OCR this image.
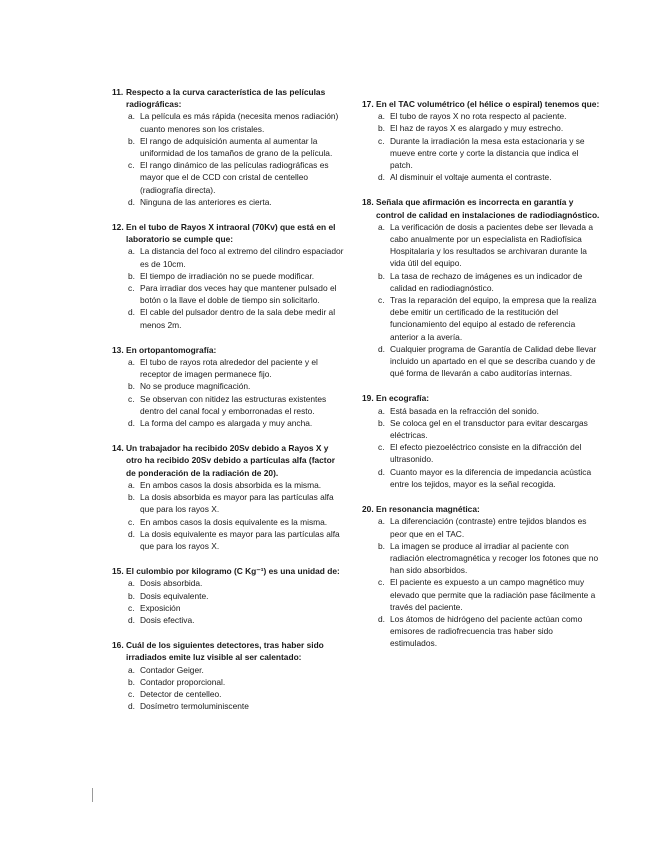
11. Respecto a la curva característica de las películas radiográficas:
a. La película es más rápida (necesita menos radiación) cuanto menores son los cristales.
b. El rango de adquisición aumenta al aumentar la uniformidad de los tamaños de grano de la película.
c. El rango dinámico de las películas radiográficas es mayor que el de CCD con cristal de centelleo (radiografía directa).
d. Ninguna de las anteriores es cierta.
12. En el tubo de Rayos X intraoral (70Kv) que está en el laboratorio se cumple que:
a. La distancia del foco al extremo del cilindro espaciador es de 10cm.
b. El tiempo de irradiación no se puede modificar.
c. Para irradiar dos veces hay que mantener pulsado el botón o la llave el doble de tiempo sin solicitarlo.
d. El cable del pulsador dentro de la sala debe medir al menos 2m.
13. En ortopantomografía:
a. El tubo de rayos rota alrededor del paciente y el receptor de imagen permanece fijo.
b. No se produce magnificación.
c. Se observan con nitidez las estructuras existentes dentro del canal focal y emborronadas el resto.
d. La forma del campo es alargada y muy ancha.
14. Un trabajador ha recibido 20Sv debido a Rayos X y otro ha recibido 20Sv debido a partículas alfa (factor de ponderación de la radiación de 20).
a. En ambos casos la dosis absorbida es la misma.
b. La dosis absorbida es mayor para las partículas alfa que para los rayos X.
c. En ambos casos la dosis equivalente es la misma.
d. La dosis equivalente es mayor para las partículas alfa que para los rayos X.
15. El culombio por kilogramo (C Kg⁻¹) es una unidad de:
a. Dosis absorbida.
b. Dosis equivalente.
c. Exposición
d. Dosis efectiva.
16. Cuál de los siguientes detectores, tras haber sido irradiados emite luz visible al ser calentado:
a. Contador Geiger.
b. Contador proporcional.
c. Detector de centelleo.
d. Dosímetro termoluminiscente
17. En el TAC volumétrico (el hélice o espiral) tenemos que:
a. El tubo de rayos X no rota respecto al paciente.
b. El haz de rayos X es alargado y muy estrecho.
c. Durante la irradiación la mesa esta estacionaria y se mueve entre corte y corte la distancia que indica el patch.
d. Al disminuir el voltaje aumenta el contraste.
18. Señala que afirmación es incorrecta en garantía y control de calidad en instalaciones de radiodiagnóstico.
a. La verificación de dosis a pacientes debe ser llevada a cabo anualmente por un especialista en Radiofísica Hospitalaria y los resultados se archivaran durante la vida útil del equipo.
b. La tasa de rechazo de imágenes es un indicador de calidad en radiodiagnóstico.
c. Tras la reparación del equipo, la empresa que la realiza debe emitir un certificado de la restitución del funcionamiento del equipo al estado de referencia anterior a la avería.
d. Cualquier programa de Garantía de Calidad debe llevar incluido un apartado en el que se describa cuando y de qué forma de llevarán a cabo auditorías internas.
19. En ecografía:
a. Está basada en la refracción del sonido.
b. Se coloca gel en el transductor para evitar descargas eléctricas.
c. El efecto piezoeléctrico consiste en la difracción del ultrasonido.
d. Cuanto mayor es la diferencia de impedancia acústica entre los tejidos, mayor es la señal recogida.
20. En resonancia magnética:
a. La diferenciación (contraste) entre tejidos blandos es peor que en el TAC.
b. La imagen se produce al irradiar al paciente con radiación electromagnética y recoger los fotones que no han sido absorbidos.
c. El paciente es expuesto a un campo magnético muy elevado que permite que la radiación pase fácilmente a través del paciente.
d. Los átomos de hidrógeno del paciente actúan como emisores de radiofrecuencia tras haber sido estimulados.
